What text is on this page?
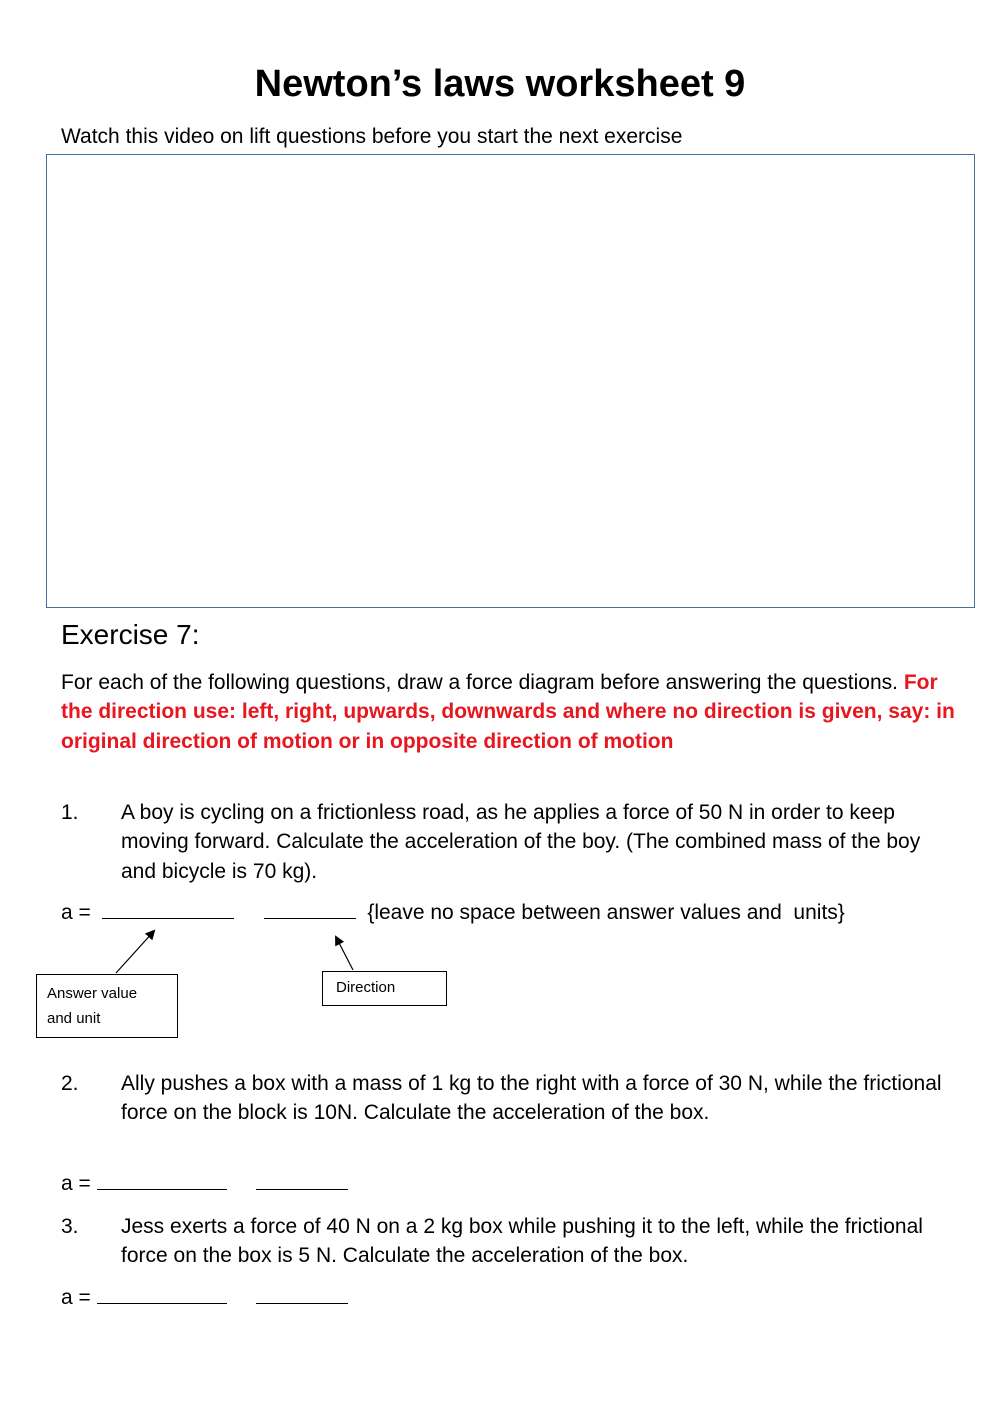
Newton’s laws worksheet 9
Watch this video on lift questions before you start the next exercise
Exercise 7:
For each of the following questions, draw a force diagram before answering the questions. For the direction use: left, right, upwards, downwards and where no direction is given, say: in original direction of motion or in opposite direction of motion
1. A boy is cycling on a frictionless road, as he applies a force of 50 N in order to keep moving forward. Calculate the acceleration of the boy. (The combined mass of the boy and bicycle is 70 kg).
a =	{leave no space between answer values and  units}
Answer value
and unit
Direction
2. Ally pushes a box with a mass of 1 kg to the right with a force of 30 N, while the frictional force on the block is 10N. Calculate the acceleration of the box.
a =
3. Jess exerts a force of 40 N on a 2 kg box while pushing it to the left, while the frictional force on the box is 5 N. Calculate the acceleration of the box.
a =
